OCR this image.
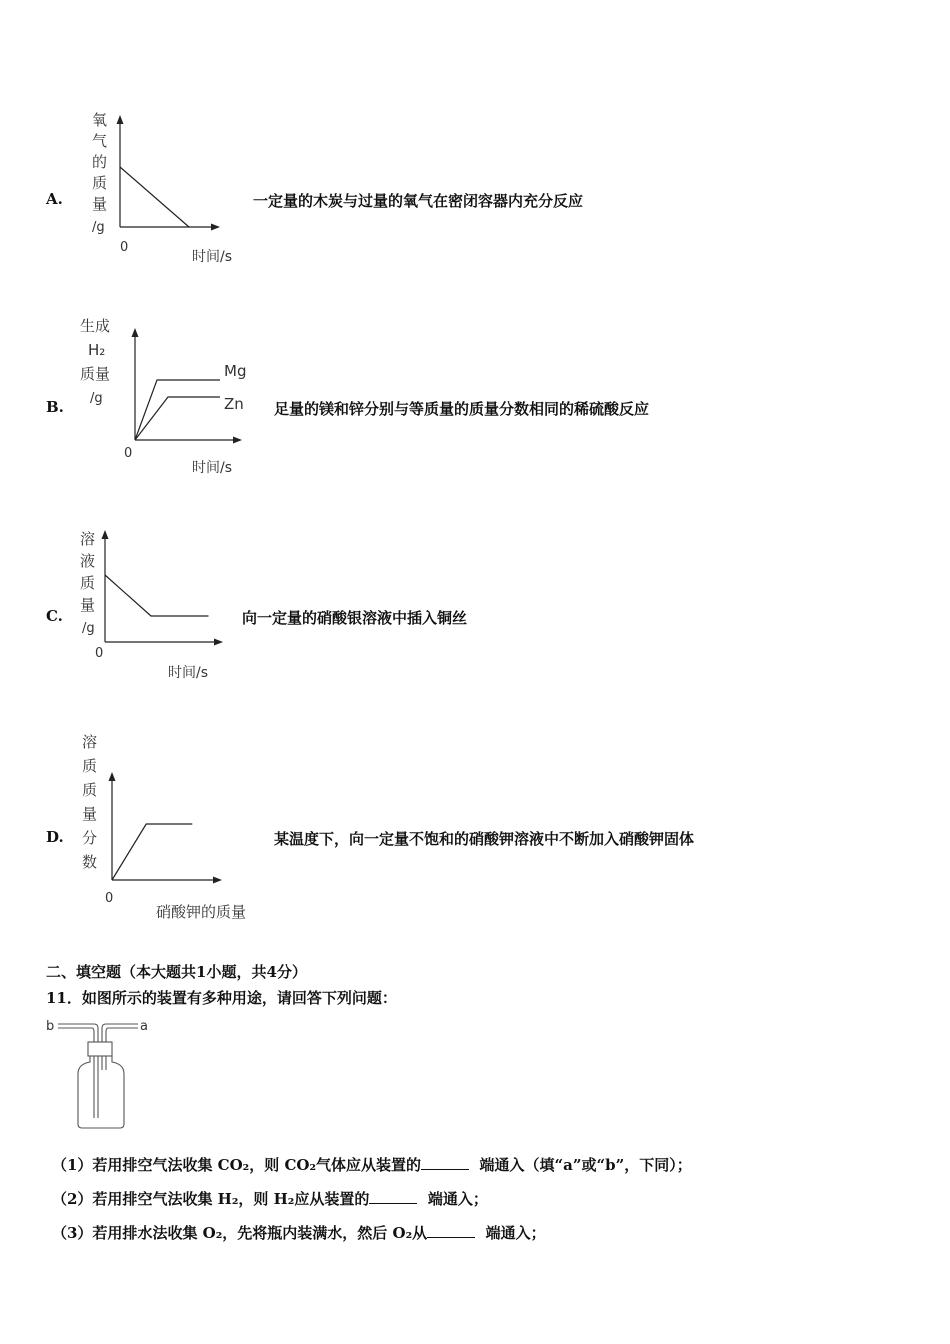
A.
氧
气
的
质
量
/g
0
时间/s
一定量的木炭与过量的氧气在密闭容器内充分反应
B.
生成
H₂
质量
/g
0
时间/s
Mg
Zn 足量的镁和锌分别与等质量的质量分数相同的稀硫酸反应
C.
溶
液
质
量
/g
0
时间/s
向一定量的硝酸银溶液中插入铜丝
D.
溶
质
质
量
分
数
0
硝酸钾的质量
某温度下，向一定量不饱和的硝酸钾溶液中不断加入硝酸钾固体
二、填空题（本大题共1小题，共4分）
11．如图所示的装置有多种用途，请回答下列问题：
b	a
（1）若用排空气法收集 CO₂，则 CO₂气体应从装置的	端通入（填“a”或“b”，下同）；
（2）若用排空气法收集 H₂，则 H₂应从装置的	端通入；
（3）若用排水法收集 O₂，先将瓶内装满水，然后 O₂从	端通入；
